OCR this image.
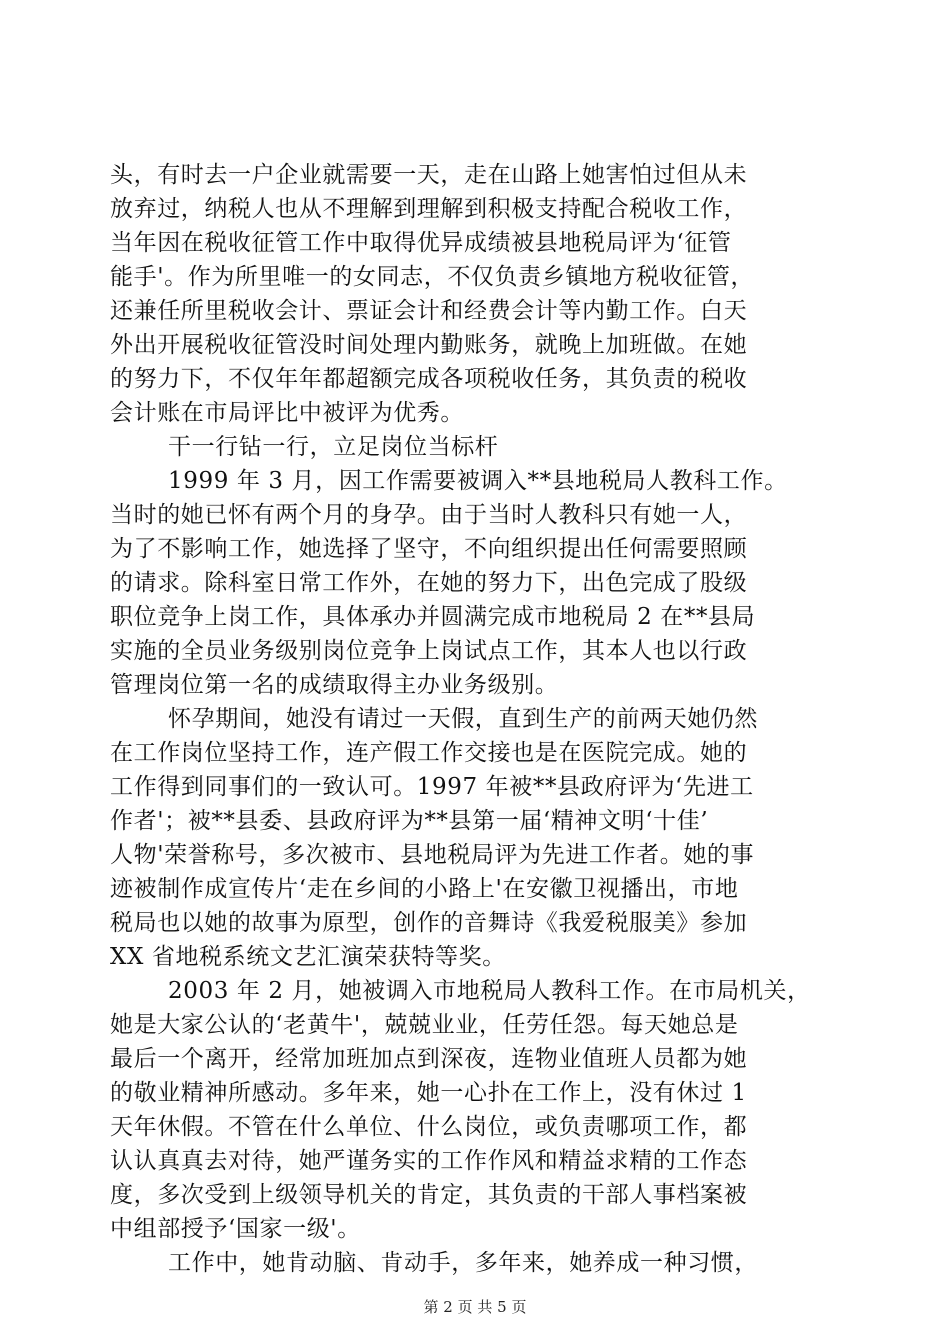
头，有时去一户企业就需要一天，走在山路上她害怕过但从未
放弃过，纳税人也从不理解到理解到积极支持配合税收工作，
当年因在税收征管工作中取得优异成绩被县地税局评为‘征管
能手'。作为所里唯一的女同志，不仅负责乡镇地方税收征管，
还兼任所里税收会计、票证会计和经费会计等内勤工作。白天
外出开展税收征管没时间处理内勤账务，就晚上加班做。在她
的努力下，不仅年年都超额完成各项税收任务，其负责的税收
会计账在市局评比中被评为优秀。
干一行钻一行，立足岗位当标杆
1999 年 3 月，因工作需要被调入**县地税局人教科工作。
当时的她已怀有两个月的身孕。由于当时人教科只有她一人，
为了不影响工作，她选择了坚守，不向组织提出任何需要照顾
的请求。除科室日常工作外，在她的努力下，出色完成了股级
职位竞争上岗工作，具体承办并圆满完成市地税局 2 在**县局
实施的全员业务级别岗位竞争上岗试点工作，其本人也以行政
管理岗位第一名的成绩取得主办业务级别。
怀孕期间，她没有请过一天假，直到生产的前两天她仍然
在工作岗位坚持工作，连产假工作交接也是在医院完成。她的
工作得到同事们的一致认可。1997 年被**县政府评为‘先进工
作者'；被**县委、县政府评为**县第一届‘精神文明‘十佳’
人物'荣誉称号，多次被市、县地税局评为先进工作者。她的事
迹被制作成宣传片‘走在乡间的小路上'在安徽卫视播出，市地
税局也以她的故事为原型，创作的音舞诗《我爱税服美》参加
XX 省地税系统文艺汇演荣获特等奖。
2003 年 2 月，她被调入市地税局人教科工作。在市局机关，
她是大家公认的‘老黄牛'，兢兢业业，任劳任怨。每天她总是
最后一个离开，经常加班加点到深夜，连物业值班人员都为她
的敬业精神所感动。多年来，她一心扑在工作上，没有休过 1
天年休假。不管在什么单位、什么岗位，或负责哪项工作，都
认认真真去对待，她严谨务实的工作作风和精益求精的工作态
度，多次受到上级领导机关的肯定，其负责的干部人事档案被
中组部授予‘国家一级'。
工作中，她肯动脑、肯动手，多年来，她养成一种习惯，
第 2 页 共 5 页
